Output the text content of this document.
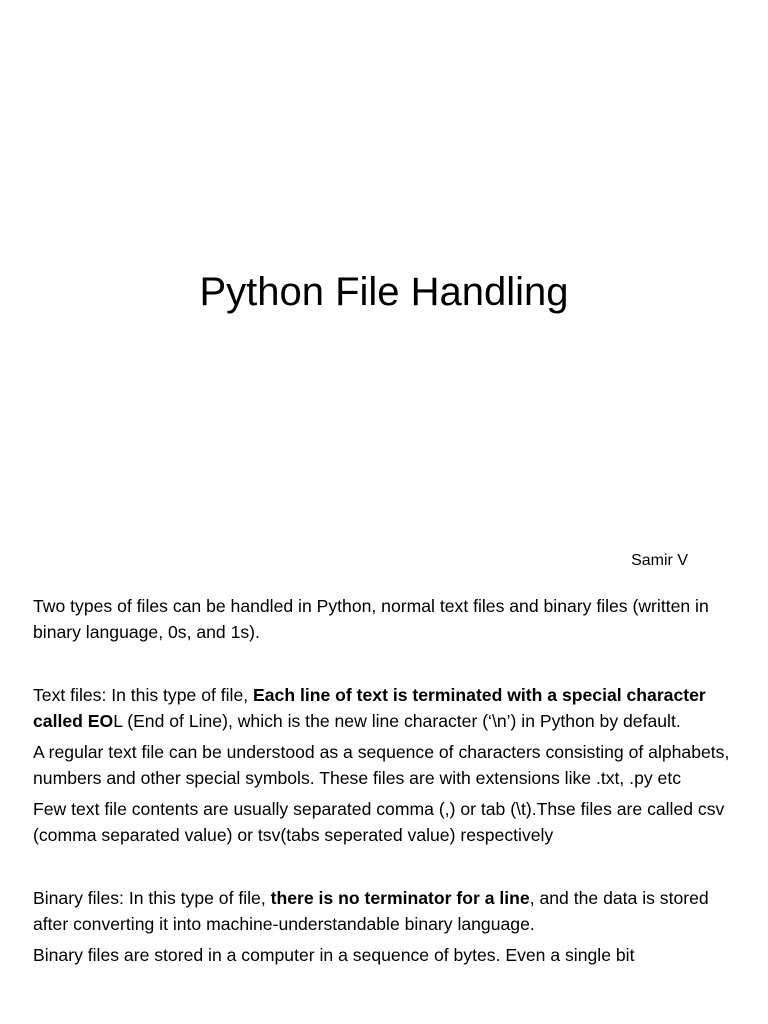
Python File Handling
Samir V

Two types of files can be handled in Python, normal text files and binary files (written in binary language, 0s, and 1s).

Text files: In this type of file, Each line of text is terminated with a special character called EOL (End of Line), which is the new line character (‘\n’) in Python by default.

A regular text file can be understood as a sequence of characters consisting of alphabets, numbers and other special symbols. These files are with extensions like .txt, .py etc

Few text file contents are usually separated comma (,) or tab (\t).Thse files are called csv (comma separated value) or tsv(tabs seperated value) respectively

Binary files: In this type of file, there is no terminator for a line, and the data is stored after converting it into machine-understandable binary language.

Binary files are stored in a computer in a sequence of bytes. Even a single bit
